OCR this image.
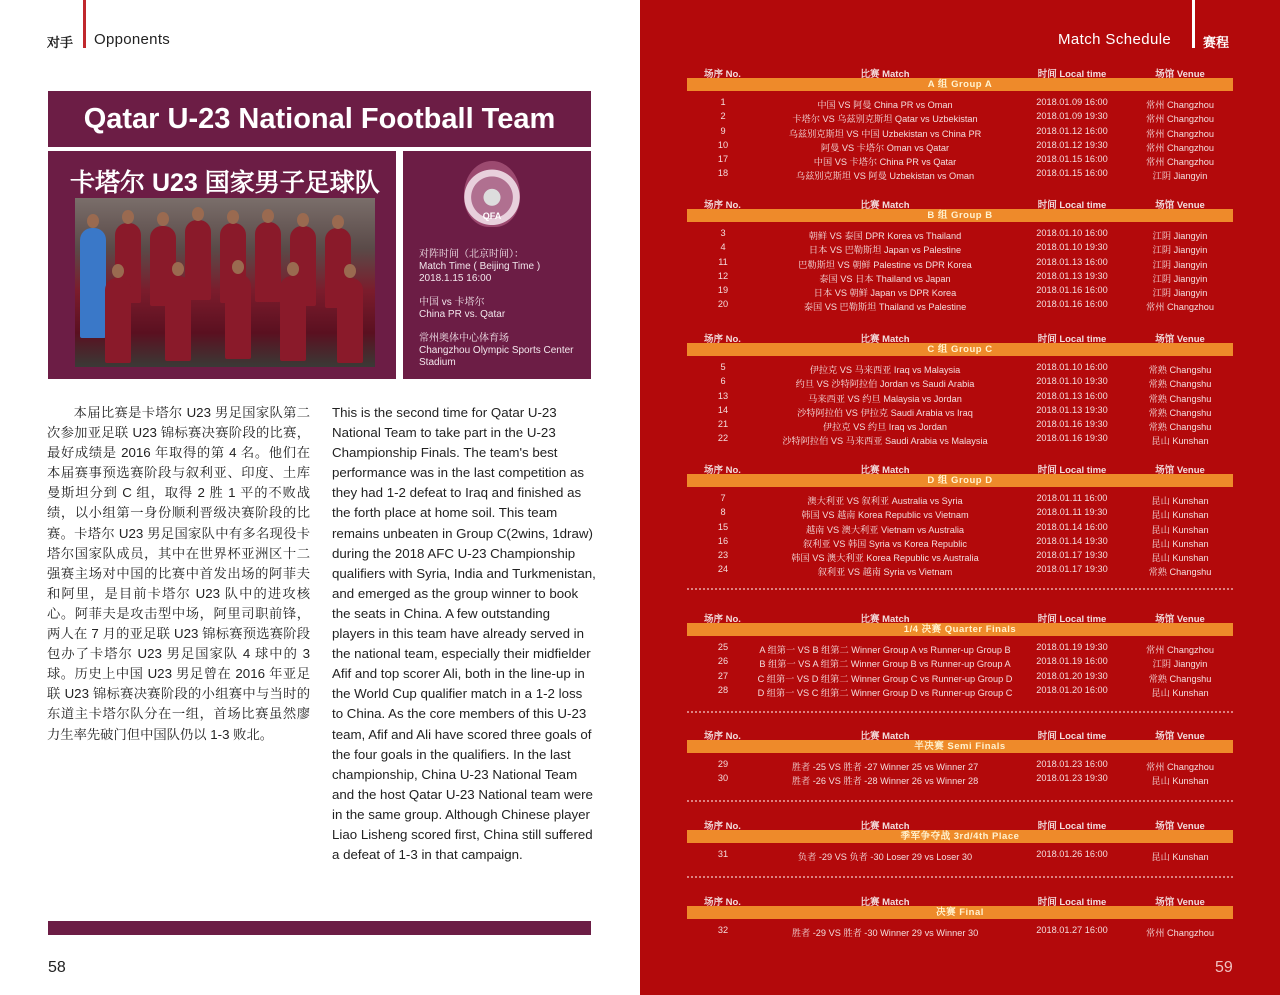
对手 Opponents
Qatar U-23 National Football Team
卡塔尔 U23 国家男子足球队
QFA
对阵时间（北京时间）：
Match Time ( Beijing Time )
2018.1.15 16:00
中国 vs 卡塔尔
China PR vs. Qatar
常州奥体中心体育场
Changzhou Olympic Sports Center Stadium

本届比赛是卡塔尔 U23 男足国家队第二次参加亚足联 U23 锦标赛决赛阶段的比赛，最好成绩是 2016 年取得的第 4 名。他们在本届赛事预选赛阶段与叙利亚、印度、土库曼斯坦分到 C 组，取得 2 胜 1 平的不败战绩，以小组第一身份顺利晋级决赛阶段的比赛。卡塔尔 U23 男足国家队中有多名现役卡塔尔国家队成员，其中在世界杯亚洲区十二强赛主场对中国的比赛中首发出场的阿菲夫和阿里，是目前卡塔尔 U23 队中的进攻核心。阿菲夫是攻击型中场，阿里司职前锋，两人在 7 月的亚足联 U23 锦标赛预选赛阶段包办了卡塔尔 U23 男足国家队 4 球中的 3 球。历史上中国 U23 男足曾在 2016 年亚足联 U23 锦标赛决赛阶段的小组赛中与当时的东道主卡塔尔队分在一组，首场比赛虽然廖力生率先破门但中国队仍以 1-3 败北。

This is the second time for Qatar U-23 National Team to take part in the U-23 Championship Finals. The team's best performance was in the last competition as they had 1-2 defeat to Iraq and finished as the forth place at home soil. This team remains unbeaten in Group C(2wins, 1draw) during the 2018 AFC U-23 Championship qualifiers with Syria, India and Turkmenistan, and emerged as the group winner to book the seats in China. A few outstanding players in this team have already served in the national team, especially their midfielder Afif and top scorer Ali, both in the line-up in the World Cup qualifier match in a 1-2 loss to China. As the core members of this U-23 team, Afif and Ali have scored three goals of the four goals in the qualifiers. In the last championship, China U-23 National Team and the host Qatar U-23 National team were in the same group. Although Chinese player Liao Lisheng scored first, China still suffered a defeat of 1-3 in that campaign.

58
Match Schedule 赛程
59
场序 No.	比赛 Match	时间 Local time	场馆 Venue
A 组 Group A
1	中国 VS 阿曼 China PR vs Oman	2018.01.09 16:00	常州 Changzhou
2	卡塔尔 VS 乌兹别克斯坦 Qatar vs Uzbekistan	2018.01.09 19:30	常州 Changzhou
9	乌兹别克斯坦 VS 中国 Uzbekistan vs China PR	2018.01.12 16:00	常州 Changzhou
10	阿曼 VS 卡塔尔 Oman vs Qatar	2018.01.12 19:30	常州 Changzhou
17	中国 VS 卡塔尔 China PR vs Qatar	2018.01.15 16:00	常州 Changzhou
18	乌兹别克斯坦 VS 阿曼 Uzbekistan vs Oman	2018.01.15 16:00	江阴 Jiangyin
场序 No.	比赛 Match	时间 Local time	场馆 Venue
B 组 Group B
3	朝鲜 VS 泰国 DPR Korea vs Thailand	2018.01.10 16:00	江阴 Jiangyin
4	日本 VS 巴勒斯坦 Japan vs Palestine	2018.01.10 19:30	江阴 Jiangyin
11	巴勒斯坦 VS 朝鲜 Palestine vs DPR Korea	2018.01.13 16:00	江阴 Jiangyin
12	泰国 VS 日本 Thailand vs Japan	2018.01.13 19:30	江阴 Jiangyin
19	日本 VS 朝鲜 Japan vs DPR Korea	2018.01.16 16:00	江阴 Jiangyin
20	泰国 VS 巴勒斯坦 Thailand vs Palestine	2018.01.16 16:00	常州 Changzhou
场序 No.	比赛 Match	时间 Local time	场馆 Venue
C 组 Group C
5	伊拉克 VS 马来西亚 Iraq vs Malaysia	2018.01.10 16:00	常熟 Changshu
6	约旦 VS 沙特阿拉伯 Jordan vs Saudi Arabia	2018.01.10 19:30	常熟 Changshu
13	马来西亚 VS 约旦 Malaysia vs Jordan	2018.01.13 16:00	常熟 Changshu
14	沙特阿拉伯 VS 伊拉克 Saudi Arabia vs Iraq	2018.01.13 19:30	常熟 Changshu
21	伊拉克 VS 约旦 Iraq vs Jordan	2018.01.16 19:30	常熟 Changshu
22	沙特阿拉伯 VS 马来西亚 Saudi Arabia vs Malaysia	2018.01.16 19:30	昆山 Kunshan
场序 No.	比赛 Match	时间 Local time	场馆 Venue
D 组 Group D
7	澳大利亚 VS 叙利亚 Australia vs Syria	2018.01.11 16:00	昆山 Kunshan
8	韩国 VS 越南 Korea Republic vs Vietnam	2018.01.11 19:30	昆山 Kunshan
15	越南 VS 澳大利亚 Vietnam vs Australia	2018.01.14 16:00	昆山 Kunshan
16	叙利亚 VS 韩国 Syria vs Korea Republic	2018.01.14 19:30	昆山 Kunshan
23	韩国 VS 澳大利亚 Korea Republic vs Australia	2018.01.17 19:30	昆山 Kunshan
24	叙利亚 VS 越南 Syria vs Vietnam	2018.01.17 19:30	常熟 Changshu
场序 No.	比赛 Match	时间 Local time	场馆 Venue
1/4 决赛 Quarter Finals
25	A 组第一 VS B 组第二 Winner Group A vs Runner-up Group B	2018.01.19 19:30	常州 Changzhou
26	B 组第一 VS A 组第二 Winner Group B vs Runner-up Group A	2018.01.19 16:00	江阴 Jiangyin
27	C 组第一 VS D 组第二 Winner Group C vs Runner-up Group D	2018.01.20 19:30	常熟 Changshu
28	D 组第一 VS C 组第二 Winner Group D vs Runner-up Group C	2018.01.20 16:00	昆山 Kunshan
场序 No.	比赛 Match	时间 Local time	场馆 Venue
半决赛 Semi Finals
29	胜者 -25 VS 胜者 -27 Winner 25 vs Winner 27	2018.01.23 16:00	常州 Changzhou
30	胜者 -26 VS 胜者 -28 Winner 26 vs Winner 28	2018.01.23 19:30	昆山 Kunshan
场序 No.	比赛 Match	时间 Local time	场馆 Venue
季军争夺战 3rd/4th Place
31	负者 -29 VS 负者 -30 Loser 29 vs Loser 30	2018.01.26 16:00	昆山 Kunshan
场序 No.	比赛 Match	时间 Local time	场馆 Venue
决赛 Final
32	胜者 -29 VS 胜者 -30 Winner 29 vs Winner 30	2018.01.27 16:00	常州 Changzhou
